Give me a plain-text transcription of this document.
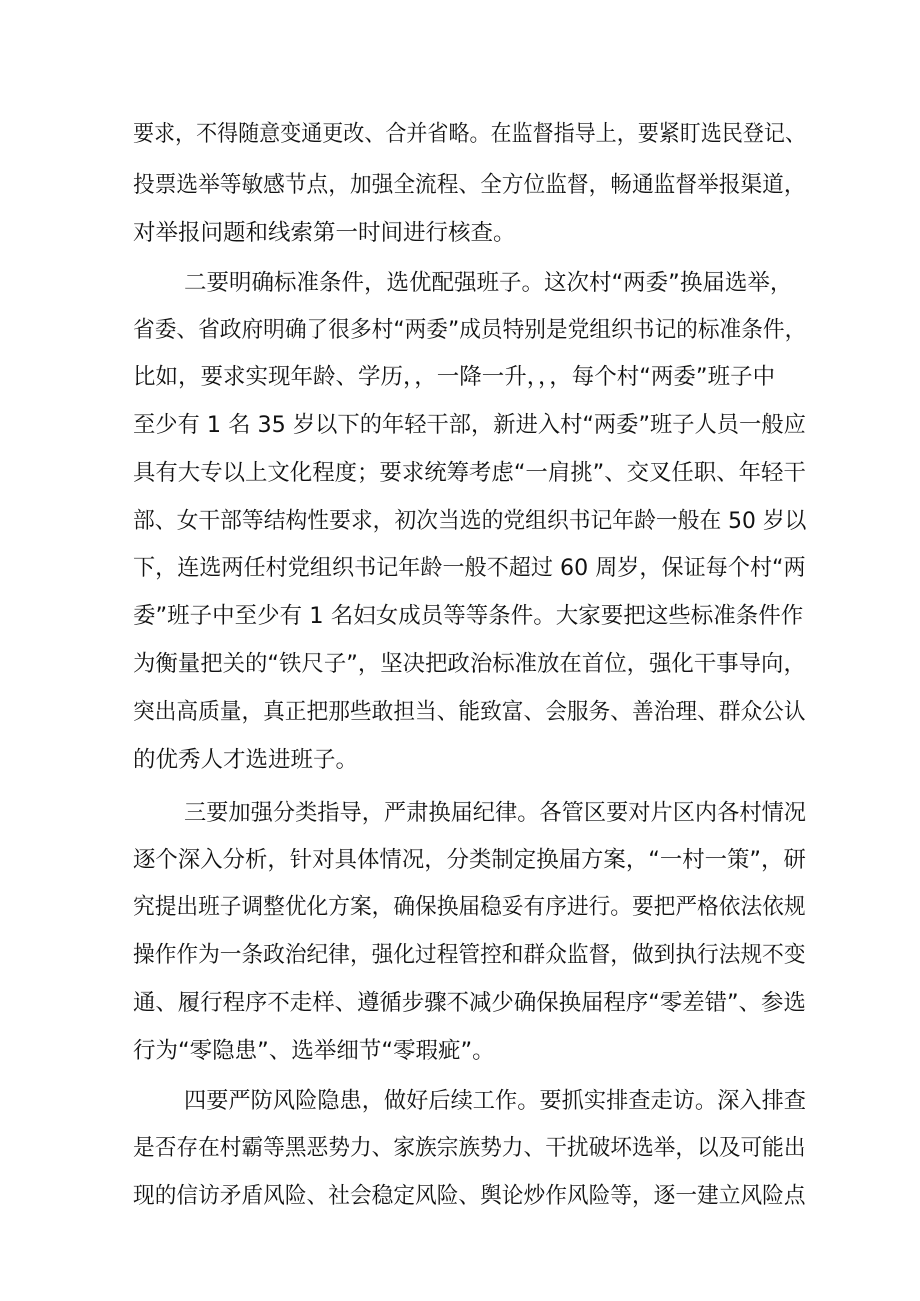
要求，不得随意变通更改、合并省略。在监督指导上，要紧盯选民登记、
投票选举等敏感节点，加强全流程、全方位监督，畅通监督举报渠道，
对举报问题和线索第一时间进行核查。
二要明确标准条件，选优配强班子。这次村“两委”换届选举，
省委、省政府明确了很多村“两委”成员特别是党组织书记的标准条件，
比如，要求实现年龄、学历，，一降一升，，，每个村“两委”班子中
至少有 1 名 35 岁以下的年轻干部，新进入村“两委”班子人员一般应
具有大专以上文化程度；要求统筹考虑“一肩挑”、交叉任职、年轻干
部、女干部等结构性要求，初次当选的党组织书记年龄一般在 50 岁以
下，连选两任村党组织书记年龄一般不超过 60 周岁，保证每个村“两
委”班子中至少有 1 名妇女成员等等条件。大家要把这些标准条件作
为衡量把关的“铁尺子”，坚决把政治标准放在首位，强化干事导向，
突出高质量，真正把那些敢担当、能致富、会服务、善治理、群众公认
的优秀人才选进班子。
三要加强分类指导，严肃换届纪律。各管区要对片区内各村情况
逐个深入分析，针对具体情况，分类制定换届方案，“一村一策”，研
究提出班子调整优化方案，确保换届稳妥有序进行。要把严格依法依规
操作作为一条政治纪律，强化过程管控和群众监督，做到执行法规不变
通、履行程序不走样、遵循步骤不减少确保换届程序“零差错”、参选
行为“零隐患”、选举细节“零瑕疵”。
四要严防风险隐患，做好后续工作。要抓实排查走访。深入排查
是否存在村霸等黑恶势力、家族宗族势力、干扰破坏选举，以及可能出
现的信访矛盾风险、社会稳定风险、舆论炒作风险等，逐一建立风险点
